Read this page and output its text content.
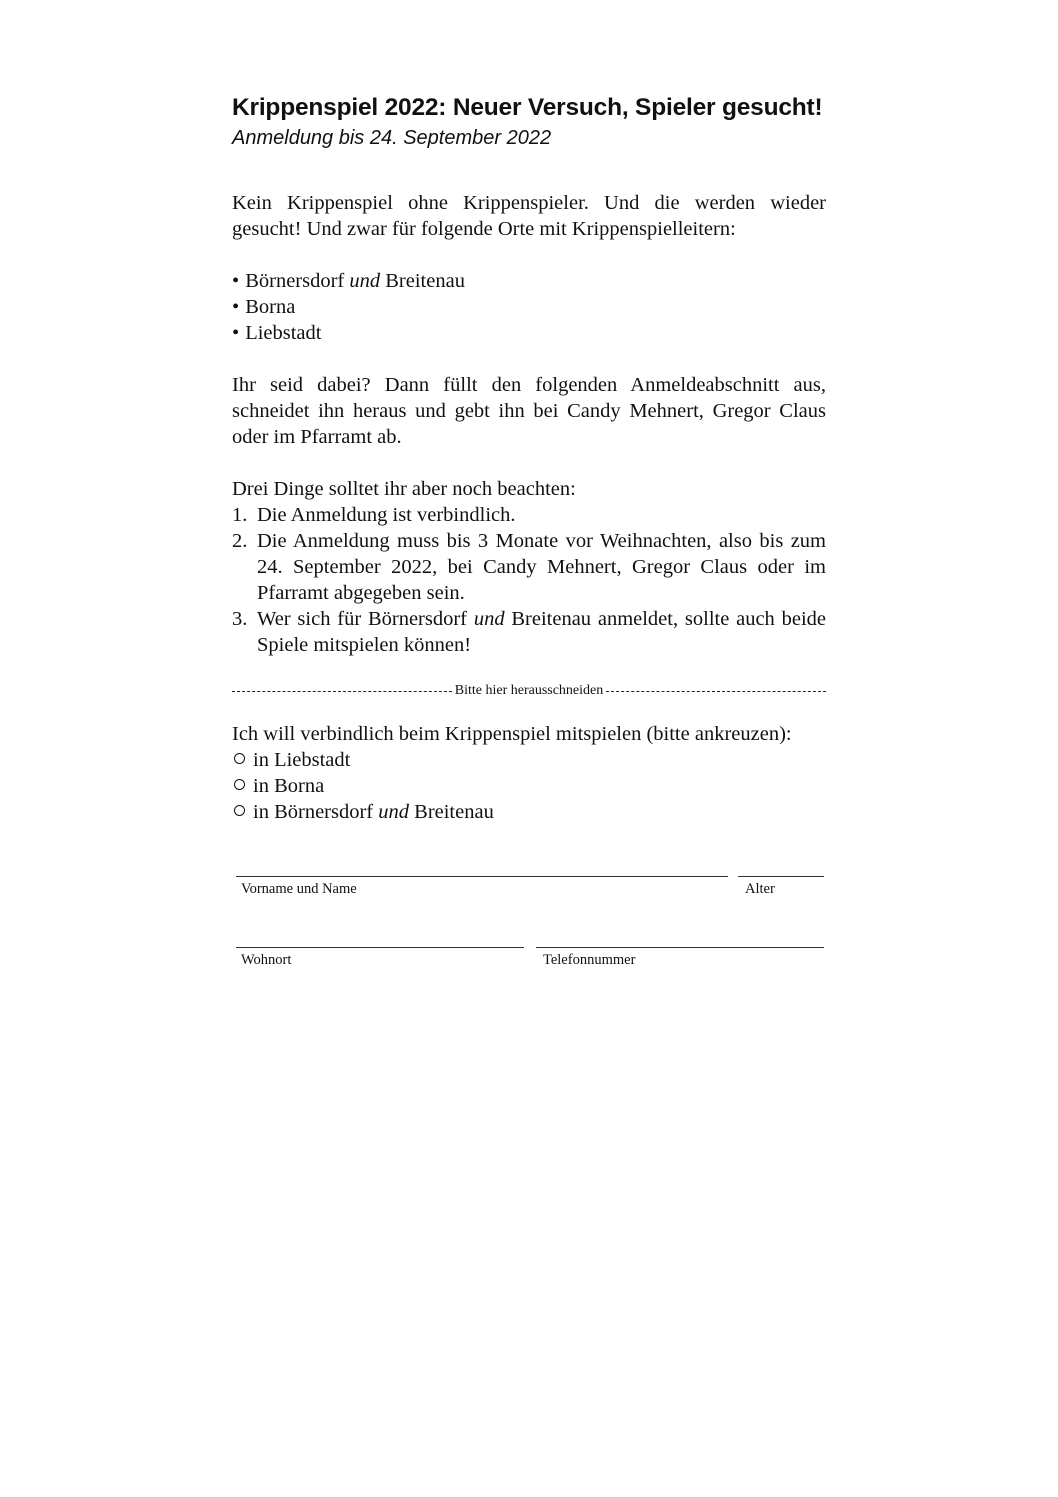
Krippenspiel 2022: Neuer Versuch, Spieler gesucht!

Anmeldung bis 24. September 2022

Kein Krippenspiel ohne Krippenspieler. Und die werden wieder gesucht! Und zwar für folgende Orte mit Krippenspielleitern:

• Börnersdorf und Breitenau
• Borna
• Liebstadt

Ihr seid dabei? Dann füllt den folgenden Anmeldeabschnitt aus, schneidet ihn heraus und gebt ihn bei Candy Mehnert, Gregor Claus oder im Pfarramt ab.

Drei Dinge solltet ihr aber noch beachten:

1. Die Anmeldung ist verbindlich.
2. Die Anmeldung muss bis 3 Monate vor Weihnachten, also bis zum 24. September 2022, bei Candy Mehnert, Gregor Claus oder im Pfarramt abgegeben sein.
3. Wer sich für Börnersdorf und Breitenau anmeldet, sollte auch beide Spiele mitspielen können!
Bitte hier herausschneiden

Ich will verbindlich beim Krippenspiel mitspielen (bitte ankreuzen):

in Liebstadt
in Borna
in Börnersdorf und Breitenau
Vorname und Name	Alter
Wohnort	Telefonnummer
